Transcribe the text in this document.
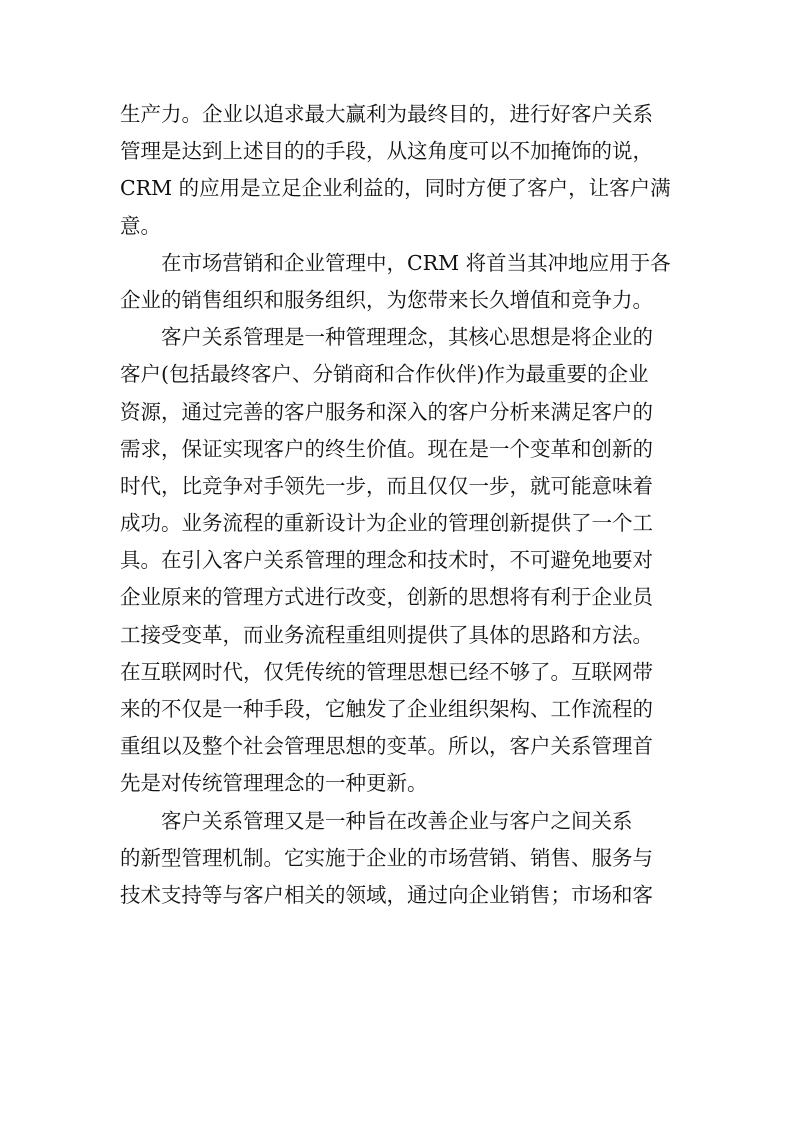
生产力。企业以追求最大赢利为最终目的，进行好客户关系
管理是达到上述目的的手段，从这角度可以不加掩饰的说，
CRM 的应用是立足企业利益的，同时方便了客户，让客户满
意。
　　在市场营销和企业管理中，CRM 将首当其冲地应用于各
企业的销售组织和服务组织，为您带来长久增值和竞争力。
　　客户关系管理是一种管理理念，其核心思想是将企业的
客户(包括最终客户、分销商和合作伙伴)作为最重要的企业
资源，通过完善的客户服务和深入的客户分析来满足客户的
需求，保证实现客户的终生价值。现在是一个变革和创新的
时代，比竞争对手领先一步，而且仅仅一步，就可能意味着
成功。业务流程的重新设计为企业的管理创新提供了一个工
具。在引入客户关系管理的理念和技术时，不可避免地要对
企业原来的管理方式进行改变，创新的思想将有利于企业员
工接受变革，而业务流程重组则提供了具体的思路和方法。
在互联网时代，仅凭传统的管理思想已经不够了。互联网带
来的不仅是一种手段，它触发了企业组织架构、工作流程的
重组以及整个社会管理思想的变革。所以，客户关系管理首
先是对传统管理理念的一种更新。
　　客户关系管理又是一种旨在改善企业与客户之间关系
的新型管理机制。它实施于企业的市场营销、销售、服务与
技术支持等与客户相关的领域，通过向企业销售；市场和客
